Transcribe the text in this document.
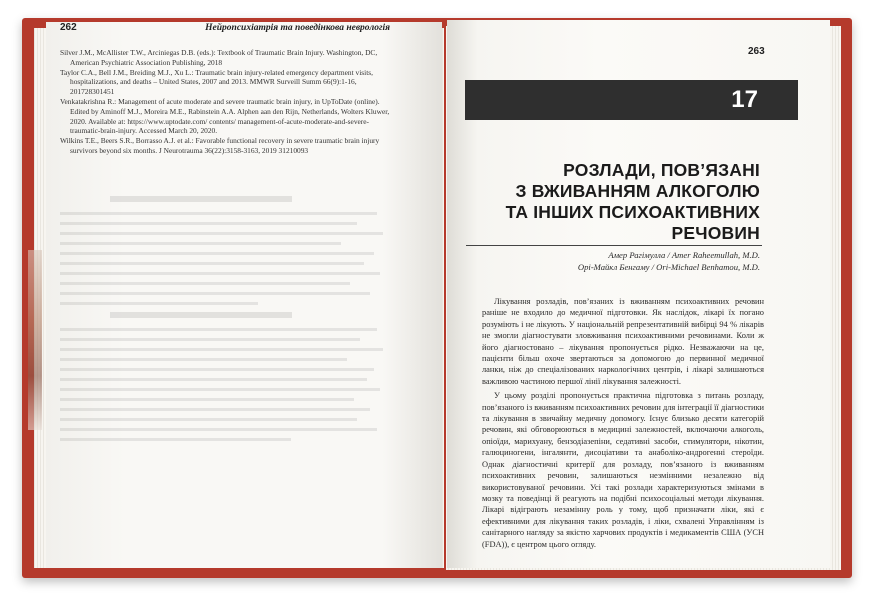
262	Нейропсихіатрія та поведінкова неврологія

Silver J.M., McAllister T.W., Arciniegas D.B. (eds.): Textbook of Traumatic Brain Injury. Washington, DC, American Psychiatric Association Publishing, 2018

Taylor C.A., Bell J.M., Breiding M.J., Xu L.: Traumatic brain injury-related emergency department visits, hospitalizations, and deaths – United States, 2007 and 2013. MMWR Surveill Summ 66(9):1-16, 201728301451

Venkatakrishna R.: Management of acute moderate and severe traumatic brain injury, in UpToDate (online). Edited by Aminoff M.J., Moreira M.E., Rabinstein A.A. Alphen aan den Rijn, Netherlands, Wolters Kluwer, 2020. Available at: https://www.uptodate.com/ contents/ management-of-acute-moderate-and-severe-traumatic-brain-injury. Accessed March 20, 2020.

Wilkins T.E., Beers S.R., Borrasso A.J. et al.: Favorable functional recovery in severe traumatic brain injury survivors beyond six months. J Neurotrauma 36(22):3158-3163, 2019 31210093

263
17
РОЗЛАДИ, ПОВ’ЯЗАНІ
З ВЖИВАННЯМ АЛКОГОЛЮ
ТА ІНШИХ ПСИХОАКТИВНИХ
РЕЧОВИН
Амер Рагімулла / Amer Raheemullah, M.D.
Орі-Майкл Бенгаму / Ori-Michael Benhamou, M.D.

Лікування розладів, пов’язаних із вживанням психоактивних речовин раніше не входило до медичної підготовки. Як наслідок, лікарі їх погано розуміють і не лікують. У національній репрезентативній вибірці 94 % лікарів не змогли діагностувати зловживання психоактивними речовинами. Коли ж його діагностовано – лікування пропонується рідко. Незважаючи на це, пацієнти більш охоче звертаються за допомогою до первинної медичної ланки, ніж до спеціалізованих наркологічних центрів, і лікарі залишаються важливою частиною першої лінії лікування залежності.

У цьому розділі пропонується практична підготовка з питань розладу, пов’язаного із вживанням психоактивних речовин для інтеграції її діагностики та лікування в звичайну медичну допомогу. Існує близько десяти категорій речовин, які обговорюються в медицині залежностей, включаючи алкоголь, опіоїди, марихуану, бензодіазепіни, седативні засоби, стимулятори, нікотин, галюциногени, інгалянти, дисоціативи та анаболіко-андрогенні стероїди. Однак діагностичні критерії для розладу, пов’язаного із вживанням психоактивних речовин, залишаються незмінними незалежно від використовуваної речовини. Усі такі розлади характеризуються змінами в мозку та поведінці й реагують на подібні психосоціальні методи лікування. Лікарі відіграють незамінну роль у тому, щоб призначати ліки, які є ефективними для лікування таких розладів, і ліки, схвалені Управлінням із санітарного нагляду за якістю харчових продуктів і медикаментів США (УСН (FDA)), є центром цього огляду.
